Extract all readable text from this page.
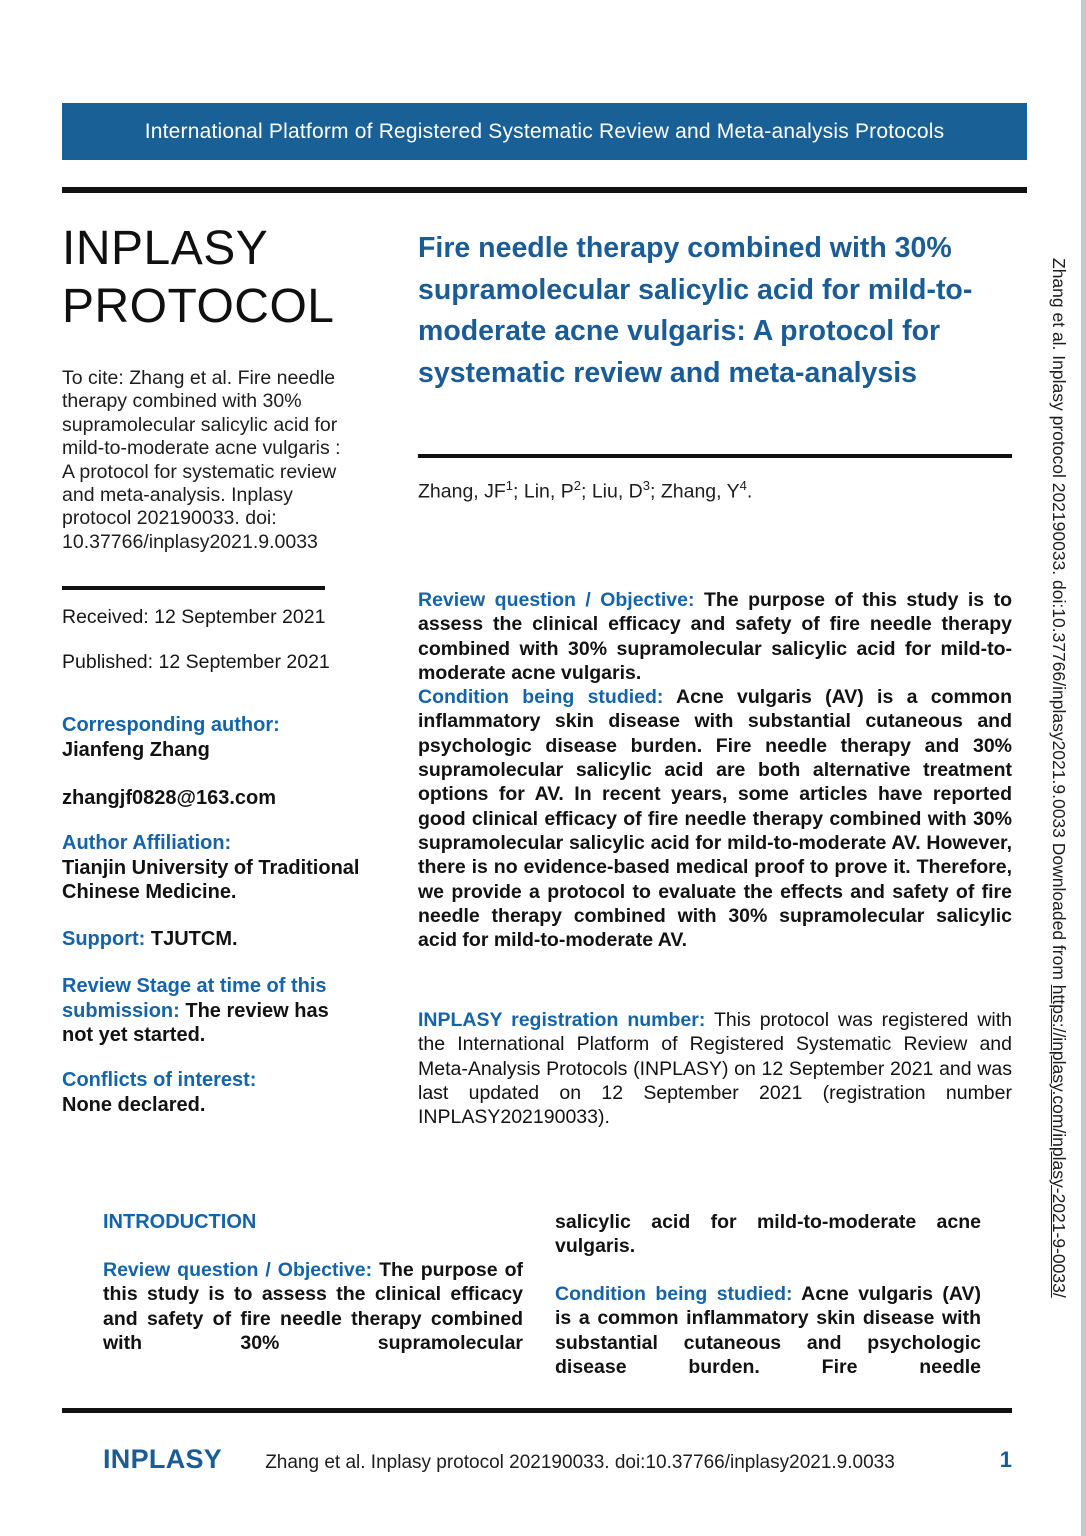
International Platform of Registered Systematic Review and Meta-analysis Protocols
INPLASY
PROTOCOL

To cite: Zhang et al. Fire needle therapy combined with 30% supramolecular salicylic acid for mild-to-moderate acne vulgaris : A protocol for systematic review and meta-analysis. Inplasy protocol 202190033. doi: 10.37766/inplasy2021.9.0033

Received: 12 September 2021

Published: 12 September 2021

Corresponding author:
Jianfeng Zhang

zhangjf0828@163.com

Author Affiliation:
Tianjin University of Traditional Chinese Medicine.

Support: TJUTCM.

Review Stage at time of this submission: The review has not yet started.

Conflicts of interest:
None declared.
Fire needle therapy combined with 30% supramolecular salicylic acid for mild-to-moderate acne vulgaris: A protocol for systematic review and meta-analysis

Zhang, $JF^1$; Lin, $P^2$; Liu, $D^3$; Zhang, $Y^4$.

Review question / Objective: The purpose of this study is to assess the clinical efficacy and safety of fire needle therapy combined with 30% supramolecular salicylic acid for mild-to-moderate acne vulgaris.

Condition being studied: Acne vulgaris (AV) is a common inflammatory skin disease with substantial cutaneous and psychologic disease burden. Fire needle therapy and 30% supramolecular salicylic acid are both alternative treatment options for AV. In recent years, some articles have reported good clinical efficacy of fire needle therapy combined with 30% supramolecular salicylic acid for mild-to-moderate AV. However, there is no evidence-based medical proof to prove it. Therefore, we provide a protocol to evaluate the effects and safety of fire needle therapy combined with 30% supramolecular salicylic acid for mild-to-moderate AV.

INPLASY registration number: This protocol was registered with the International Platform of Registered Systematic Review and Meta-Analysis Protocols (INPLASY) on 12 September 2021 and was last updated on 12 September 2021 (registration number INPLASY202190033).

INTRODUCTION

Review question / Objective: The purpose of this study is to assess the clinical efficacy and safety of fire needle therapy combined with 30% supramolecular

salicylic acid for mild-to-moderate acne vulgaris.

Condition being studied: Acne vulgaris (AV) is a common inflammatory skin disease with substantial cutaneous and psychologic disease burden. Fire needle

INPLASY	Zhang et al. Inplasy protocol 202190033. doi:10.37766/inplasy2021.9.0033	1
Zhang et al. Inplasy protocol 202190033. doi:10.37766/inplasy2021.9.0033 Downloaded from https://inplasy.com/inplasy-2021-9-0033/
